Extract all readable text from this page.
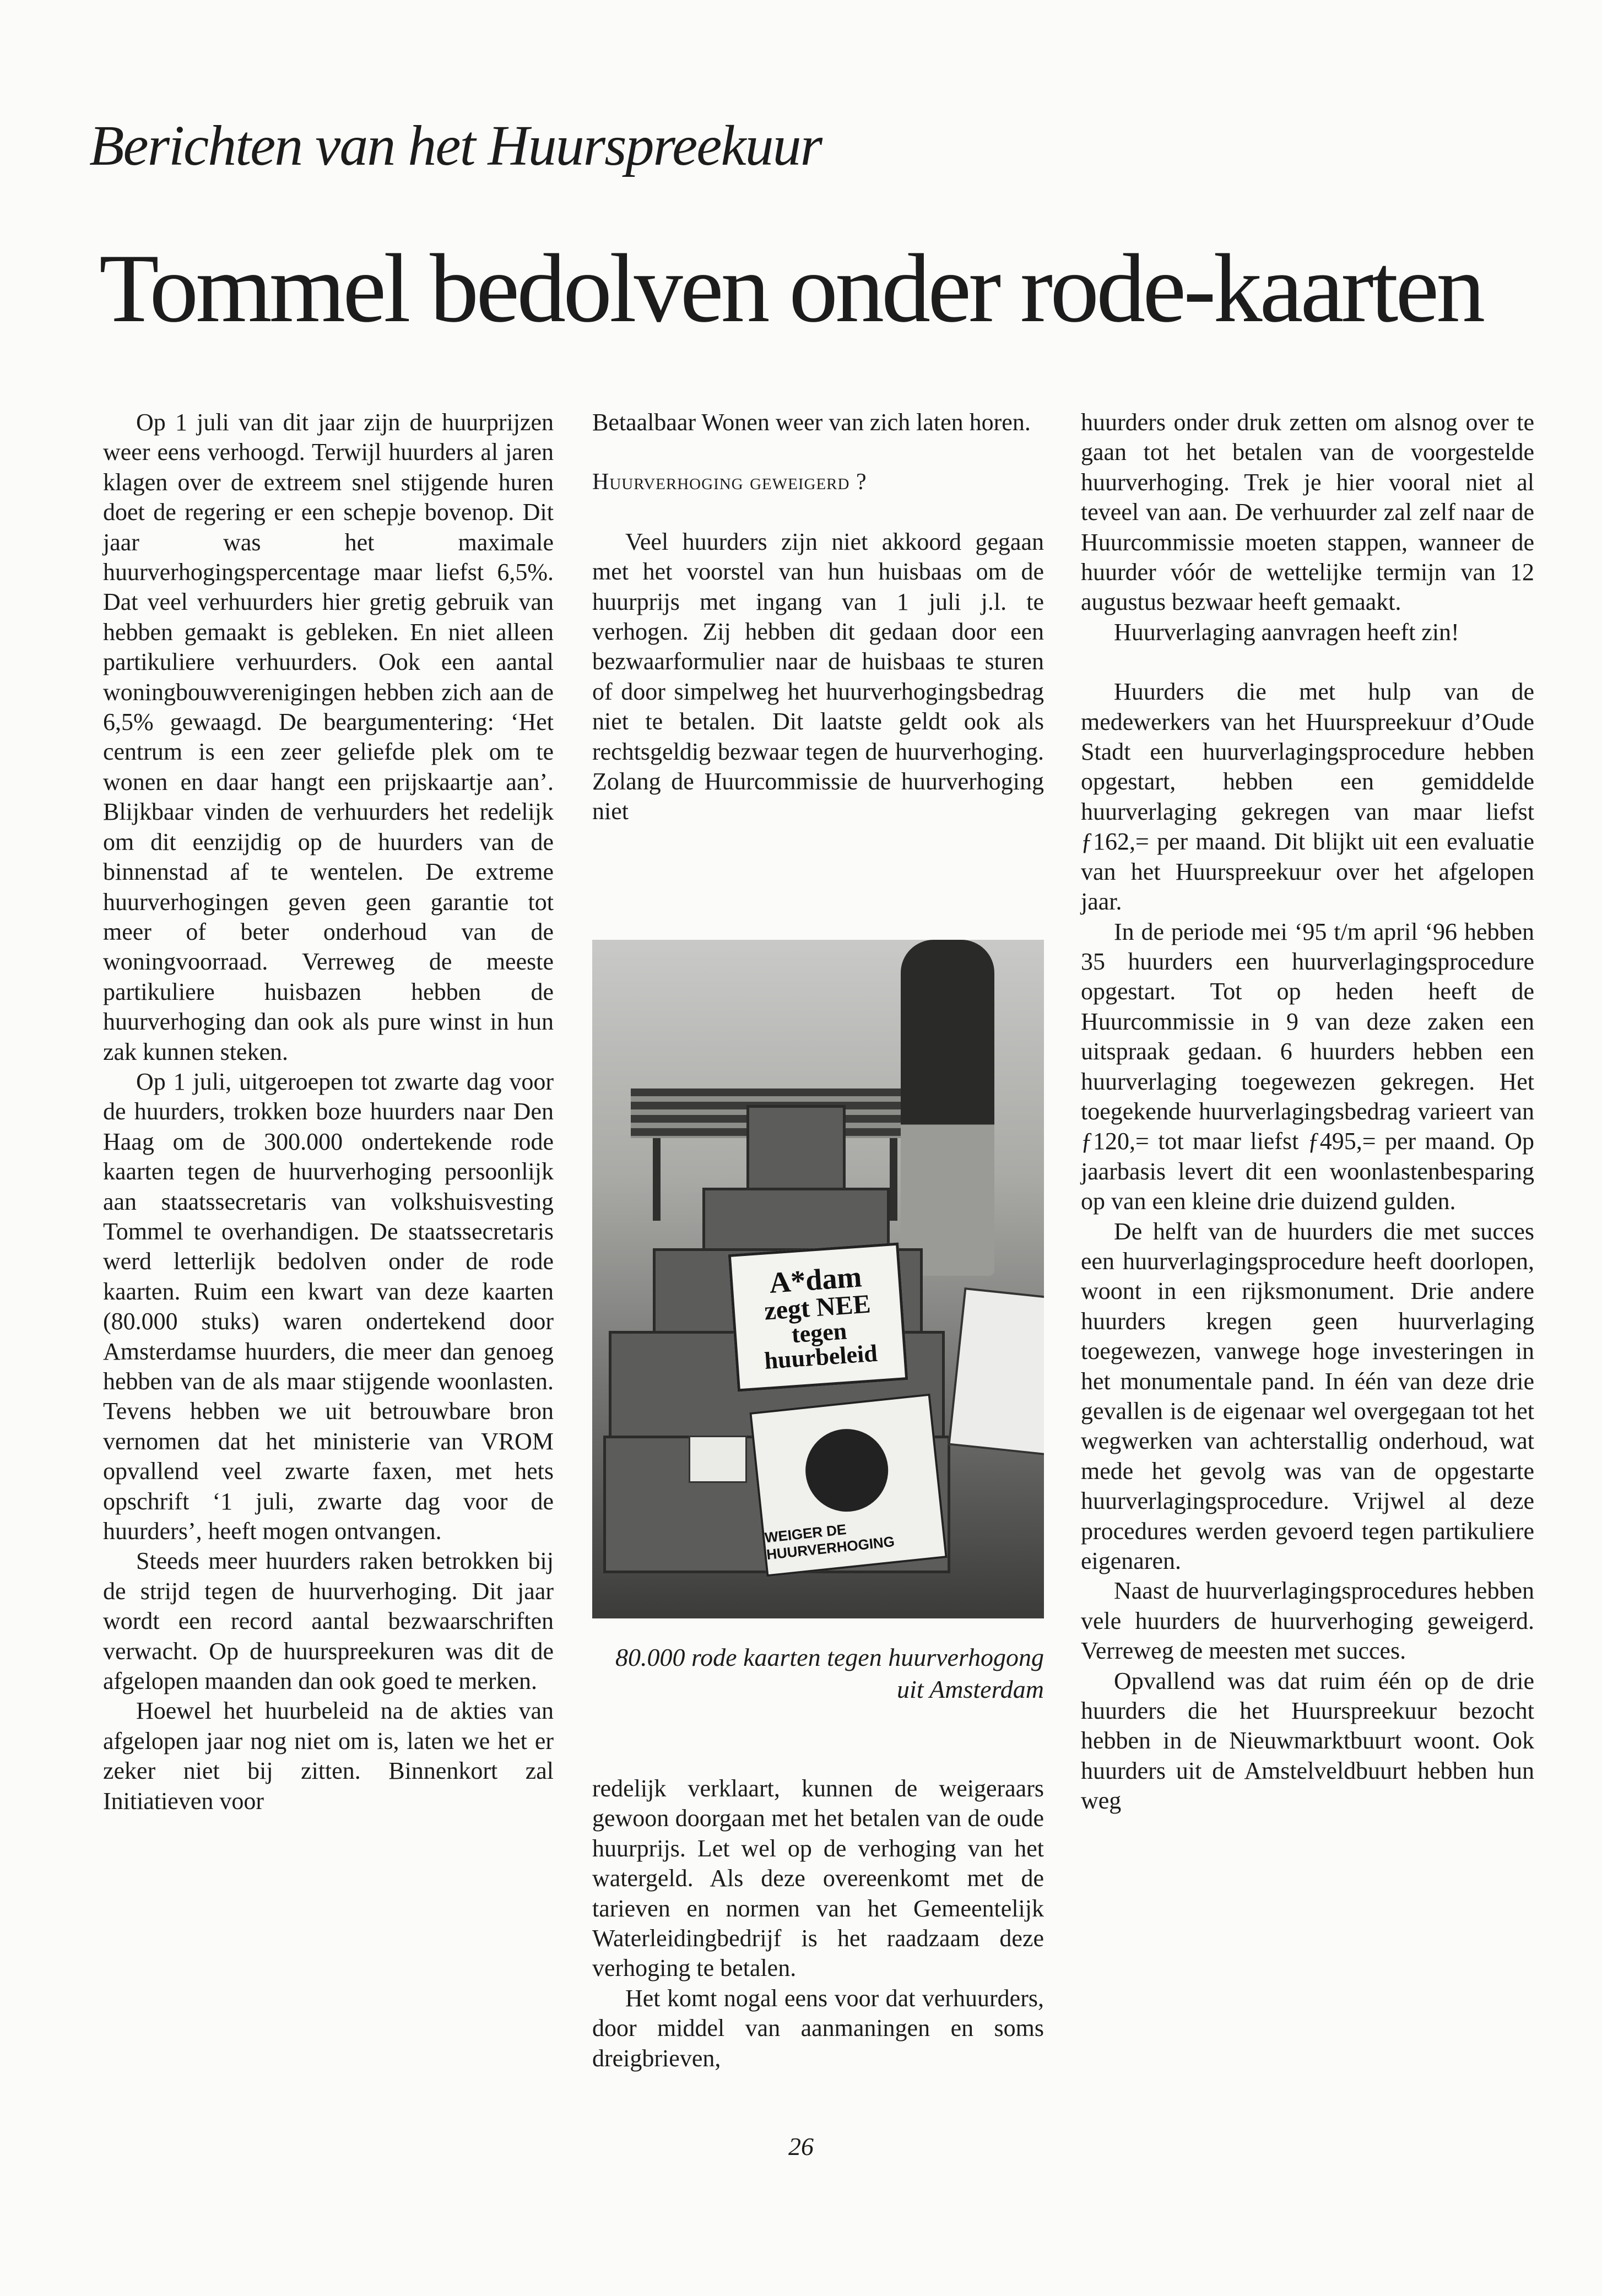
Berichten van het Huurspreekuur
Tommel bedolven onder rode-kaarten

Op 1 juli van dit jaar zijn de huurprijzen weer eens verhoogd. Terwijl huurders al jaren klagen over de extreem snel stijgende huren doet de regering er een schepje bovenop. Dit jaar was het maximale huurverhogingspercentage maar liefst 6,5%. Dat veel verhuurders hier gretig gebruik van hebben gemaakt is gebleken. En niet alleen partikuliere verhuurders. Ook een aantal woningbouwverenigingen hebben zich aan de 6,5% gewaagd. De beargumentering: ‘Het centrum is een zeer geliefde plek om te wonen en daar hangt een prijskaartje aan’. Blijkbaar vinden de verhuurders het redelijk om dit eenzijdig op de huurders van de binnenstad af te wentelen. De extreme huurverhogingen geven geen garantie tot meer of beter onderhoud van de woningvoorraad. Verreweg de meeste partikuliere huisbazen hebben de huurverhoging dan ook als pure winst in hun zak kunnen steken.

Op 1 juli, uitgeroepen tot zwarte dag voor de huurders, trokken boze huurders naar Den Haag om de 300.000 ondertekende rode kaarten tegen de huurverhoging persoonlijk aan staatssecretaris van volkshuisvesting Tommel te overhandigen. De staatssecretaris werd letterlijk bedolven onder de rode kaarten. Ruim een kwart van deze kaarten (80.000 stuks) waren ondertekend door Amsterdamse huurders, die meer dan genoeg hebben van de als maar stijgende woonlasten. Tevens hebben we uit betrouwbare bron vernomen dat het ministerie van VROM opvallend veel zwarte faxen, met hets opschrift ‘1 juli, zwarte dag voor de huurders’, heeft mogen ontvangen.

Steeds meer huurders raken betrokken bij de strijd tegen de huurverhoging. Dit jaar wordt een record aantal bezwaarschriften verwacht. Op de huurspreekuren was dit de afgelopen maanden dan ook goed te merken.

Hoewel het huurbeleid na de akties van afgelopen jaar nog niet om is, laten we het er zeker niet bij zitten. Binnenkort zal Initiatieven voor

Betaalbaar Wonen weer van zich laten horen.

Huurverhoging geweigerd ?

Veel huurders zijn niet akkoord gegaan met het voorstel van hun huisbaas om de huurprijs met ingang van 1 juli j.l. te verhogen. Zij hebben dit gedaan door een bezwaarformulier naar de huisbaas te sturen of door simpelweg het huurverhogingsbedrag niet te betalen. Dit laatste geldt ook als rechtsgeldig bezwaar tegen de huurverhoging. Zolang de Huurcommissie de huurverhoging niet

A*dam
zegt NEE
tegen
huurbeleid
WEIGER DE HUURVERHOGING
80.000 rode kaarten tegen huurverhogong
uit Amsterdam

redelijk verklaart, kunnen de weigeraars gewoon doorgaan met het betalen van de oude huurprijs. Let wel op de verhoging van het watergeld. Als deze overeenkomt met de tarieven en normen van het Gemeentelijk Waterleidingbedrijf is het raadzaam deze verhoging te betalen.

Het komt nogal eens voor dat verhuurders, door middel van aanmaningen en soms dreigbrieven,

huurders onder druk zetten om alsnog over te gaan tot het betalen van de voorgestelde huurverhoging. Trek je hier vooral niet al teveel van aan. De verhuurder zal zelf naar de Huurcommissie moeten stappen, wanneer de huurder vóór de wettelijke termijn van 12 augustus bezwaar heeft gemaakt.

Huurverlaging aanvragen heeft zin!

Huurders die met hulp van de medewerkers van het Huurspreekuur d’Oude Stadt een huurverlagingsprocedure hebben opgestart, hebben een gemiddelde huurverlaging gekregen van maar liefst ƒ162,= per maand. Dit blijkt uit een evaluatie van het Huurspreekuur over het afgelopen jaar.

In de periode mei ‘95 t/m april ‘96 hebben 35 huurders een huurverlagingsprocedure opgestart. Tot op heden heeft de Huurcommissie in 9 van deze zaken een uitspraak gedaan. 6 huurders hebben een huurverlaging toegewezen gekregen. Het toegekende huurverlagingsbedrag varieert van ƒ120,= tot maar liefst ƒ495,= per maand. Op jaarbasis levert dit een woonlastenbesparing op van een kleine drie duizend gulden.

De helft van de huurders die met succes een huurverlagingsprocedure heeft doorlopen, woont in een rijksmonument. Drie andere huurders kregen geen huurverlaging toegewezen, vanwege hoge investeringen in het monumentale pand. In één van deze drie gevallen is de eigenaar wel overgegaan tot het wegwerken van achterstallig onderhoud, wat mede het gevolg was van de opgestarte huurverlagingsprocedure. Vrijwel al deze procedures werden gevoerd tegen partikuliere eigenaren.

Naast de huurverlagingsprocedures hebben vele huurders de huurverhoging geweigerd. Verreweg de meesten met succes.

Opvallend was dat ruim één op de drie huurders die het Huurspreekuur bezocht hebben in de Nieuwmarktbuurt woont. Ook huurders uit de Amstelveldbuurt hebben hun weg

26
